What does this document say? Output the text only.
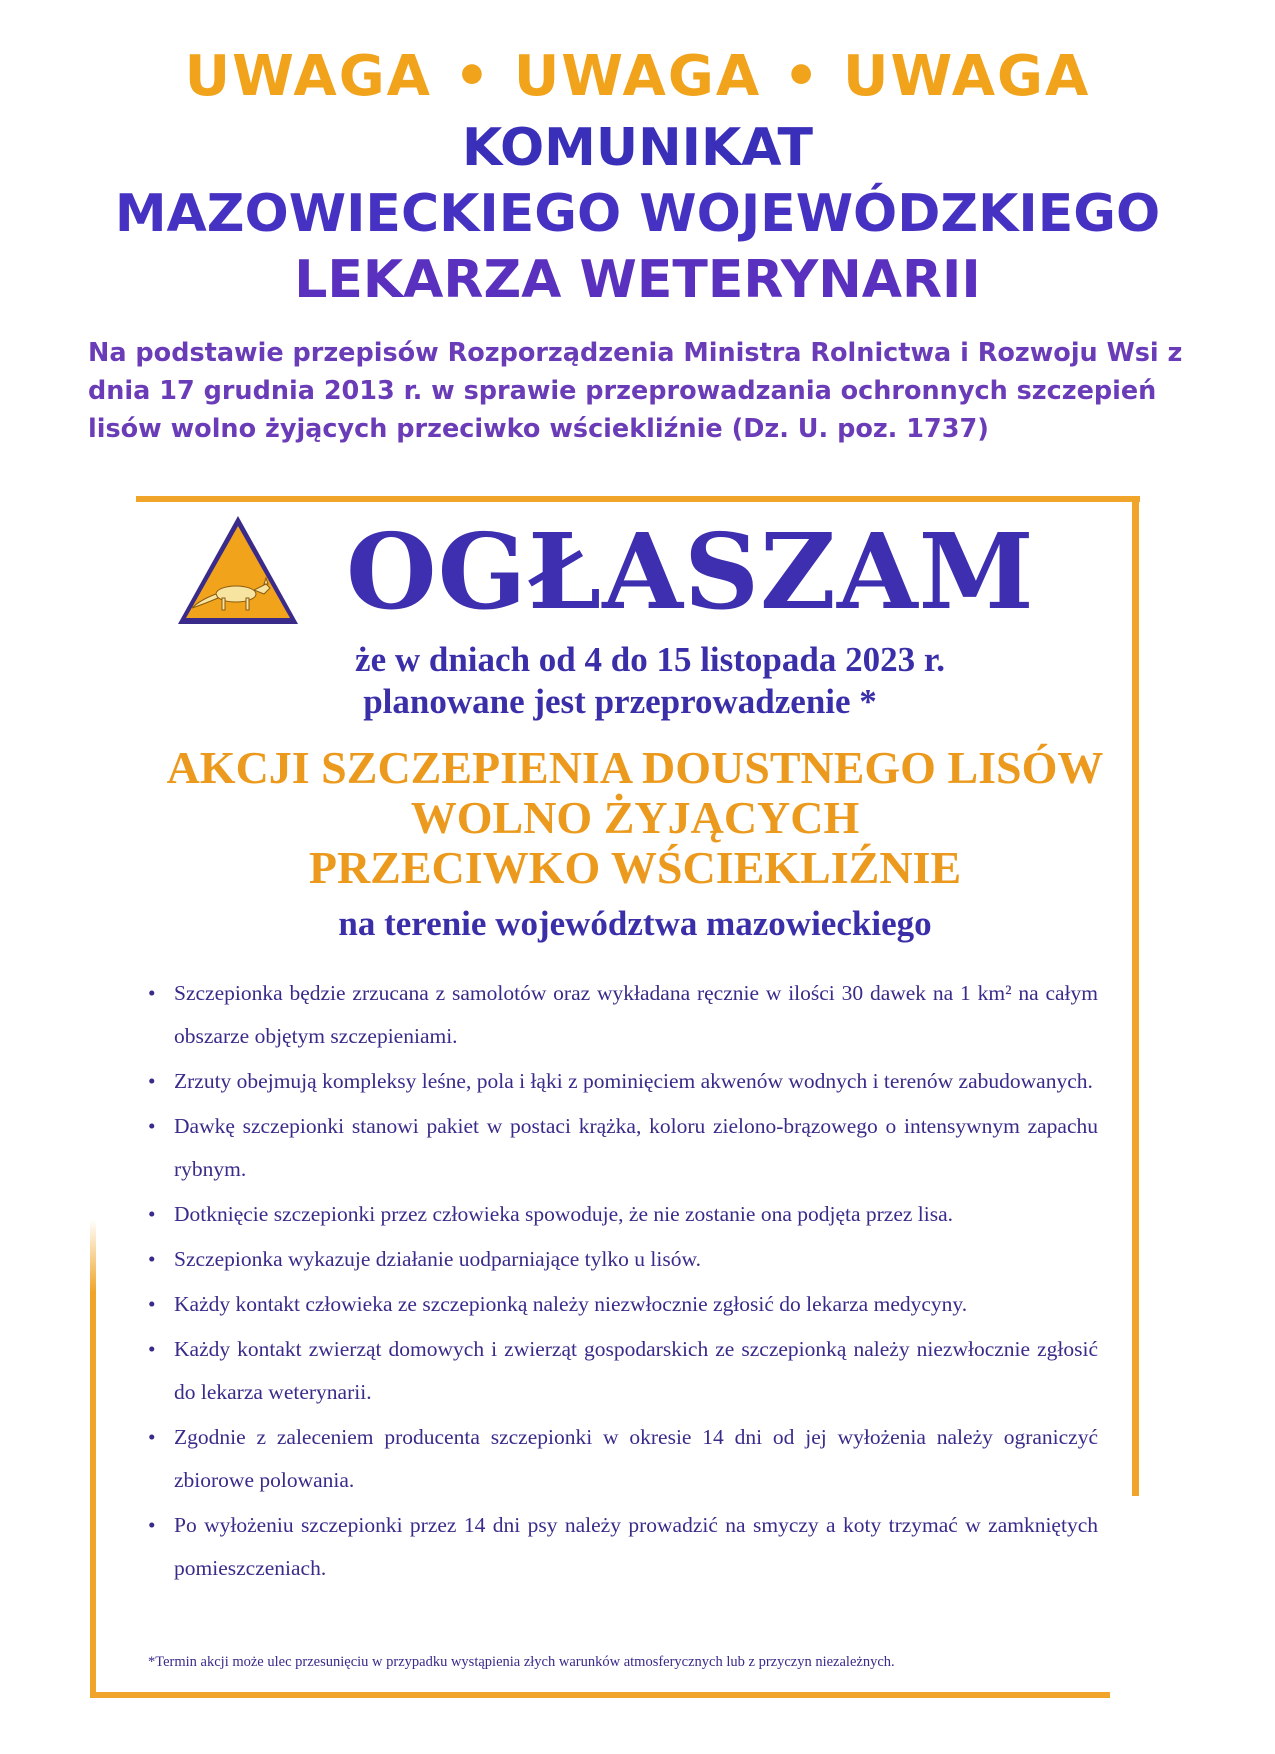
UWAGA • UWAGA • UWAGA
KOMUNIKAT
MAZOWIECKIEGO WOJEWÓDZKIEGO
LEKARZA WETERYNARII
Na podstawie przepisów Rozporządzenia Ministra Rolnictwa i Rozwoju Wsi z dnia 17 grudnia 2013 r. w sprawie przeprowadzania ochronnych szczepień lisów wolno żyjących przeciwko wściekliźnie (Dz. U. poz. 1737)
OGŁASZAM
że w dniach od 4 do 15 listopada 2023 r.
planowane jest przeprowadzenie *
AKCJI SZCZEPIENIA DOUSTNEGO LISÓW
WOLNO ŻYJĄCYCH
PRZECIWKO WŚCIEKLIŹNIE
na terenie województwa mazowieckiego
• Szczepionka będzie zrzucana z samolotów oraz wykładana ręcznie w ilości 30 dawek na 1 km² na całym obszarze objętym szczepieniami.
• Zrzuty obejmują kompleksy leśne, pola i łąki z pominięciem akwenów wodnych i terenów zabudowanych.
• Dawkę szczepionki stanowi pakiet w postaci krążka, koloru zielono-brązowego o intensywnym zapachu rybnym.
• Dotknięcie szczepionki przez człowieka spowoduje, że nie zostanie ona podjęta przez lisa.
• Szczepionka wykazuje działanie uodparniające tylko u lisów.
• Każdy kontakt człowieka ze szczepionką należy niezwłocznie zgłosić do lekarza medycyny.
• Każdy kontakt zwierząt domowych i zwierząt gospodarskich ze szczepionką należy niezwłocznie zgłosić do lekarza weterynarii.
• Zgodnie z zaleceniem producenta szczepionki w okresie 14 dni od jej wyłożenia należy ograniczyć zbiorowe polowania.
• Po wyłożeniu szczepionki przez 14 dni psy należy prowadzić na smyczy a koty trzymać w zamkniętych pomieszczeniach.
*Termin akcji może ulec przesunięciu w przypadku wystąpienia złych warunków atmosferycznych lub z przyczyn niezależnych.
